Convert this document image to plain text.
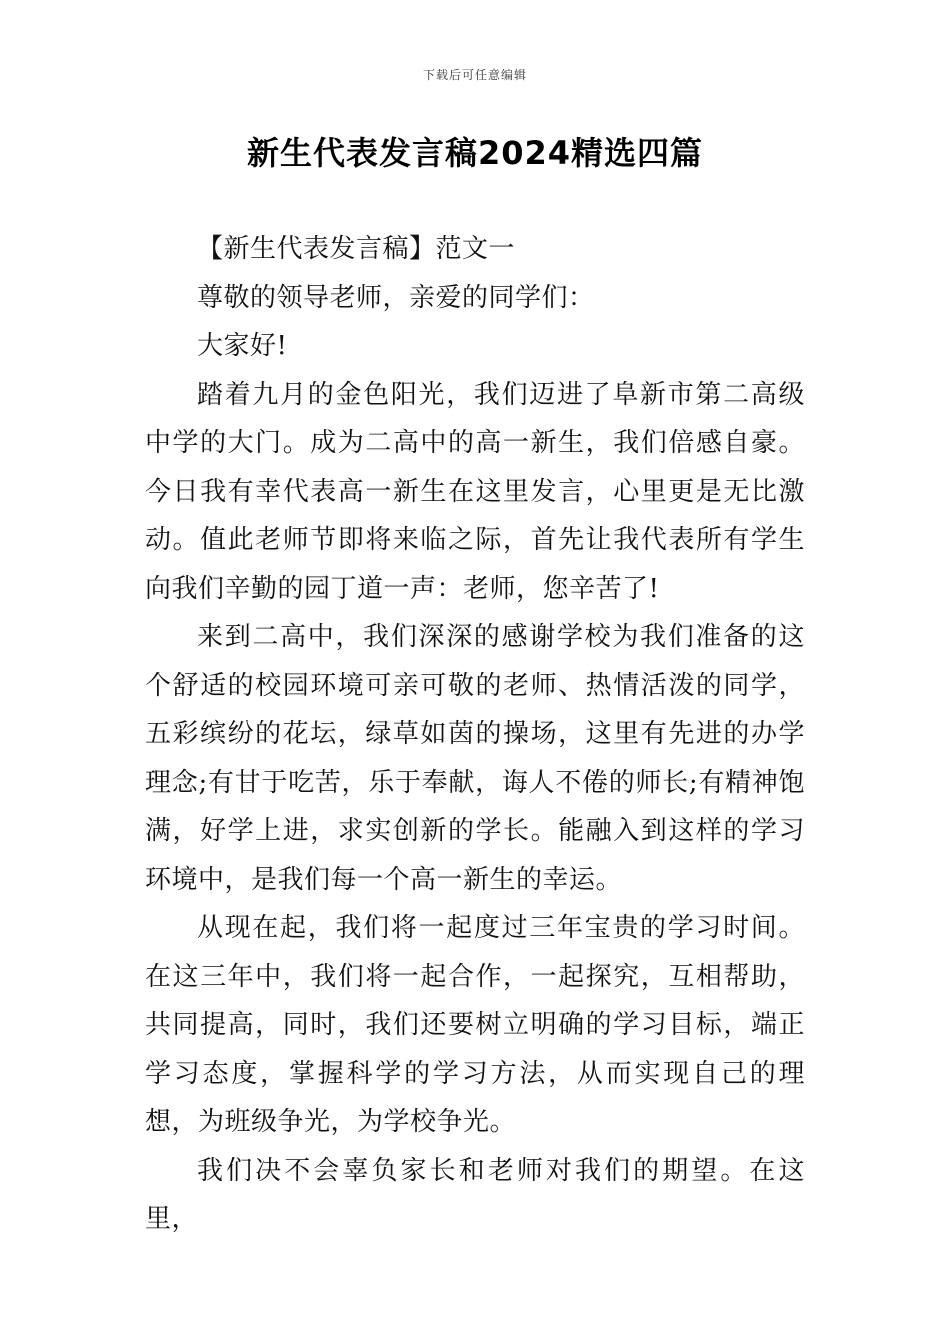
下载后可任意编辑
新生代表发言稿2024精选四篇

【新生代表发言稿】范文一

尊敬的领导老师，亲爱的同学们：

大家好!

踏着九月的金色阳光，我们迈进了阜新市第二高级中学的大门。成为二高中的高一新生，我们倍感自豪。今日我有幸代表高一新生在这里发言，心里更是无比激动。值此老师节即将来临之际，首先让我代表所有学生向我们辛勤的园丁道一声：老师，您辛苦了!

来到二高中，我们深深的感谢学校为我们准备的这个舒适的校园环境可亲可敬的老师、热情活泼的同学，五彩缤纷的花坛，绿草如茵的操场，这里有先进的办学理念;有甘于吃苦，乐于奉献，诲人不倦的师长;有精神饱满，好学上进，求实创新的学长。能融入到这样的学习环境中，是我们每一个高一新生的幸运。

从现在起，我们将一起度过三年宝贵的学习时间。在这三年中，我们将一起合作，一起探究，互相帮助，共同提高，同时，我们还要树立明确的学习目标，端正学习态度，掌握科学的学习方法，从而实现自己的理想，为班级争光，为学校争光。

我们决不会辜负家长和老师对我们的期望。在这里，
